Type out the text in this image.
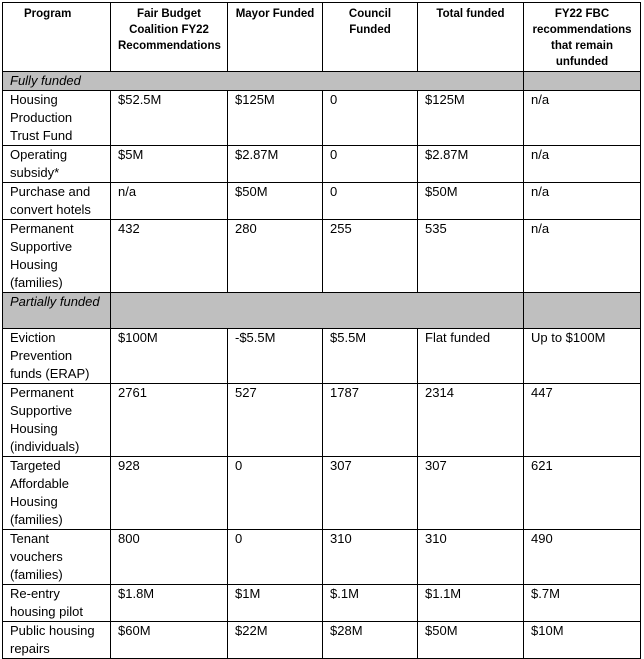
Program	Fair Budget Coalition FY22 Recommendations	Mayor Funded	Council Funded	Total funded	FY22 FBC recommendations that remain unfunded
Fully funded					
Housing Production Trust Fund	$52.5M	$125M	0	$125M	n/a
Operating subsidy*	$5M	$2.87M	0	$2.87M	n/a
Purchase and convert hotels	n/a	$50M	0	$50M	n/a
Permanent Supportive Housing (families)	432	280	255	535	n/a
Partially funded					
Eviction Prevention funds (ERAP)	$100M	-$5.5M	$5.5M	Flat funded	Up to $100M
Permanent Supportive Housing (individuals)	2761	527	1787	2314	447
Targeted Affordable Housing (families)	928	0	307	307	621
Tenant vouchers (families)	800	0	310	310	490
Re-entry housing pilot	$1.8M	$1M	$.1M	$1.1M	$.7M
Public housing repairs	$60M	$22M	$28M	$50M	$10M
